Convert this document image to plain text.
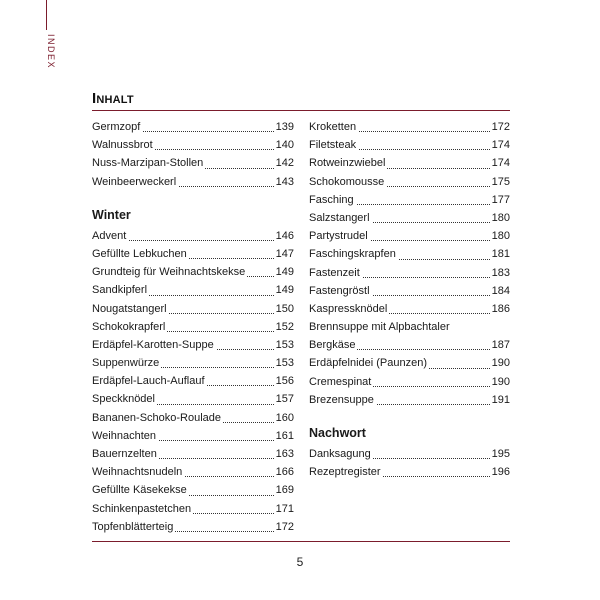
INDEX
Inhalt
Germzopf	139
Walnussbrot	140
Nuss-Marzipan-Stollen	142
Weinbeerweckerl	143
Winter
Advent	146
Gefüllte Lebkuchen	147
Grundteig für Weihnachtskekse	149
Sandkipferl	149
Nougatstangerl	150
Schokokrapferl	152
Erdäpfel-Karotten-Suppe	153
Suppenwürze	153
Erdäpfel-Lauch-Auflauf	156
Speckknödel	157
Bananen-Schoko-Roulade	160
Weihnachten	161
Bauernzelten	163
Weihnachtsnudeln	166
Gefüllte Käsekekse	169
Schinkenpastetchen	171
Topfenblätterteig	172
Kroketten	172
Filetsteak	174
Rotweinzwiebel	174
Schokomousse	175
Fasching	177
Salzstangerl	180
Partystrudel	180
Faschingskrapfen	181
Fastenzeit	183
Fastengröstl	184
Kaspressknödel	186
Brennsuppe mit Alpbachtaler
Bergkäse	187
Erdäpfelnidei (Paunzen)	190
Cremespinat	190
Brezensuppe	191
Nachwort
Danksagung	195
Rezeptregister	196
5
